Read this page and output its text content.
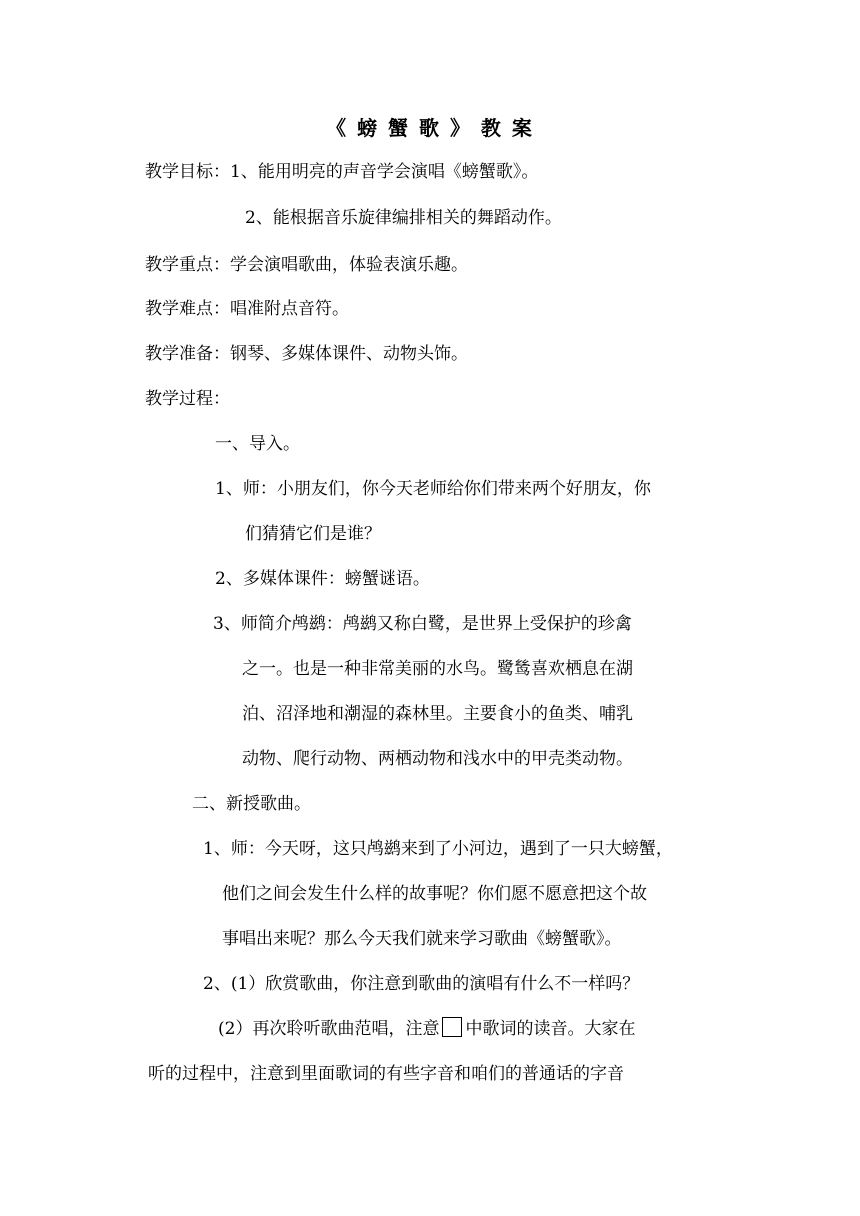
《 螃 蟹 歌 》 教 案
教学目标：1、能用明亮的声音学会演唱《螃蟹歌》。
2、能根据音乐旋律编排相关的舞蹈动作。
教学重点：学会演唱歌曲，体验表演乐趣。
教学难点：唱准附点音符。
教学准备：钢琴、多媒体课件、动物头饰。
教学过程：
一、导入。
1、师：小朋友们，你今天老师给你们带来两个好朋友，你
们猜猜它们是谁？
2、多媒体课件：螃蟹谜语。
3、师简介鸬鹚：鸬鹚又称白鹭，是世界上受保护的珍禽
之一。也是一种非常美丽的水鸟。鹭鸶喜欢栖息在湖
泊、沼泽地和潮湿的森林里。主要食小的鱼类、哺乳
动物、爬行动物、两栖动物和浅水中的甲壳类动物。
二、新授歌曲。
1、师：今天呀，这只鸬鹚来到了小河边，遇到了一只大螃蟹，
他们之间会发生什么样的故事呢？你们愿不愿意把这个故
事唱出来呢？那么今天我们就来学习歌曲《螃蟹歌》。
2、(1）欣赏歌曲，你注意到歌曲的演唱有什么不一样吗？
(2）再次聆听歌曲范唱，注意 中歌词的读音。大家在
听的过程中，注意到里面歌词的有些字音和咱们的普通话的字音
